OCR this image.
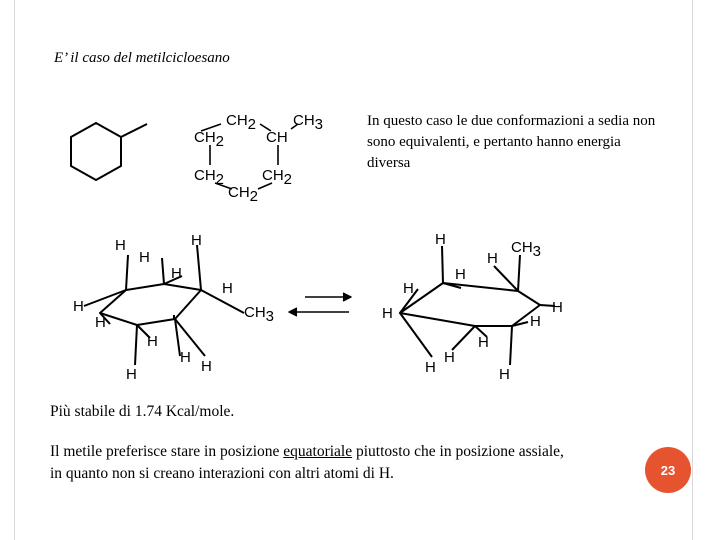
E’ il caso del metilcicloesano
In questo caso le due conformazioni a sedia non sono equivalenti, e pertanto hanno energia diversa
CH2 CH3
CH2	CH
CH2	CH2
CH2
H	H
H
H
H
H
H
CH3
H
H
H
H
H	CH3
H
H
H
H	H
H
H
H
H	H
Più stabile di 1.74 Kcal/mole.
Il metile preferisce stare in posizione equatoriale piuttosto che in posizione assiale,
in quanto non si creano interazioni con altri atomi di H.	23
